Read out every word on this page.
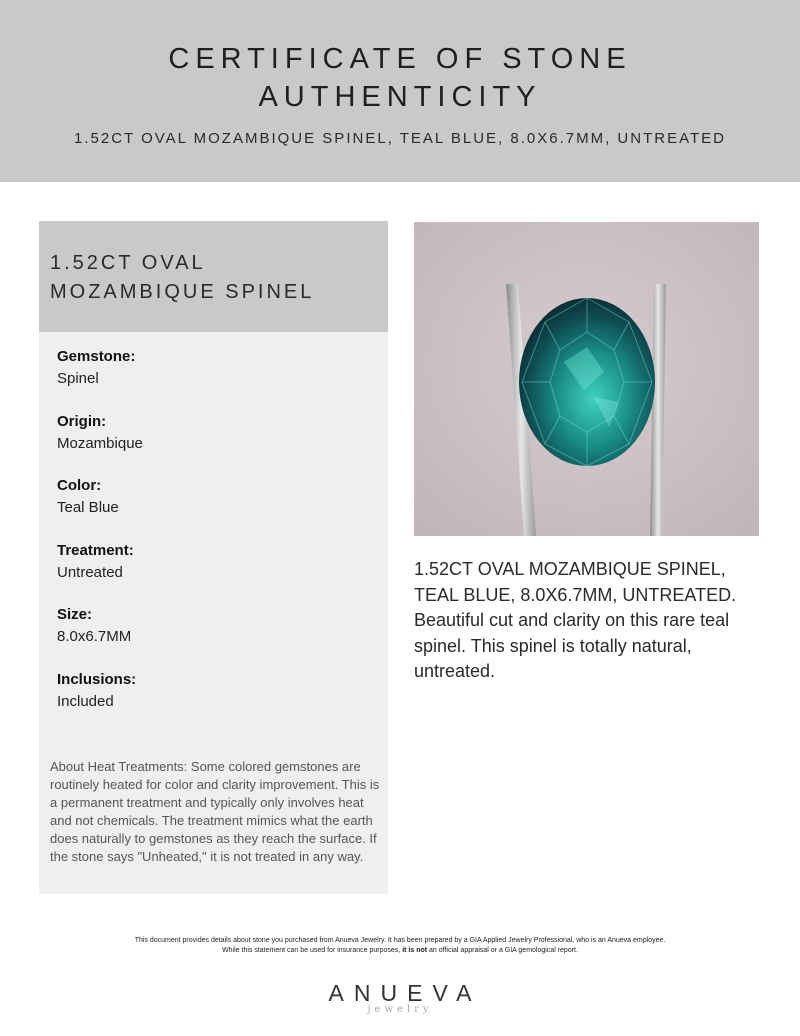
CERTIFICATE OF STONE
AUTHENTICITY
1.52CT OVAL MOZAMBIQUE SPINEL, TEAL BLUE, 8.0X6.7MM, UNTREATED
1.52CT OVAL
MOZAMBIQUE SPINEL
Gemstone:
Spinel
Origin:
Mozambique
Color:
Teal Blue
Treatment:
Untreated
Size:
8.0x6.7MM
Inclusions:
Included
About Heat Treatments: Some colored gemstones are routinely heated for color and clarity improvement. This is a permanent treatment and typically only involves heat and not chemicals. The treatment mimics what the earth does naturally to gemstones as they reach the surface. If the stone says "Unheated," it is not treated in any way.
1.52CT OVAL MOZAMBIQUE SPINEL, TEAL BLUE, 8.0X6.7MM, UNTREATED. Beautiful cut and clarity on this rare teal spinel. This spinel is totally natural, untreated.

This document provides details about stone you purchased from Anueva Jewelry. It has been prepared by a GIA Applied Jewelry Professional, who is an Anueva employee.

While this statement can be used for insurance purposes, it is not an official appraisal or a GIA gemological report.

ANUEVA
jewelry
